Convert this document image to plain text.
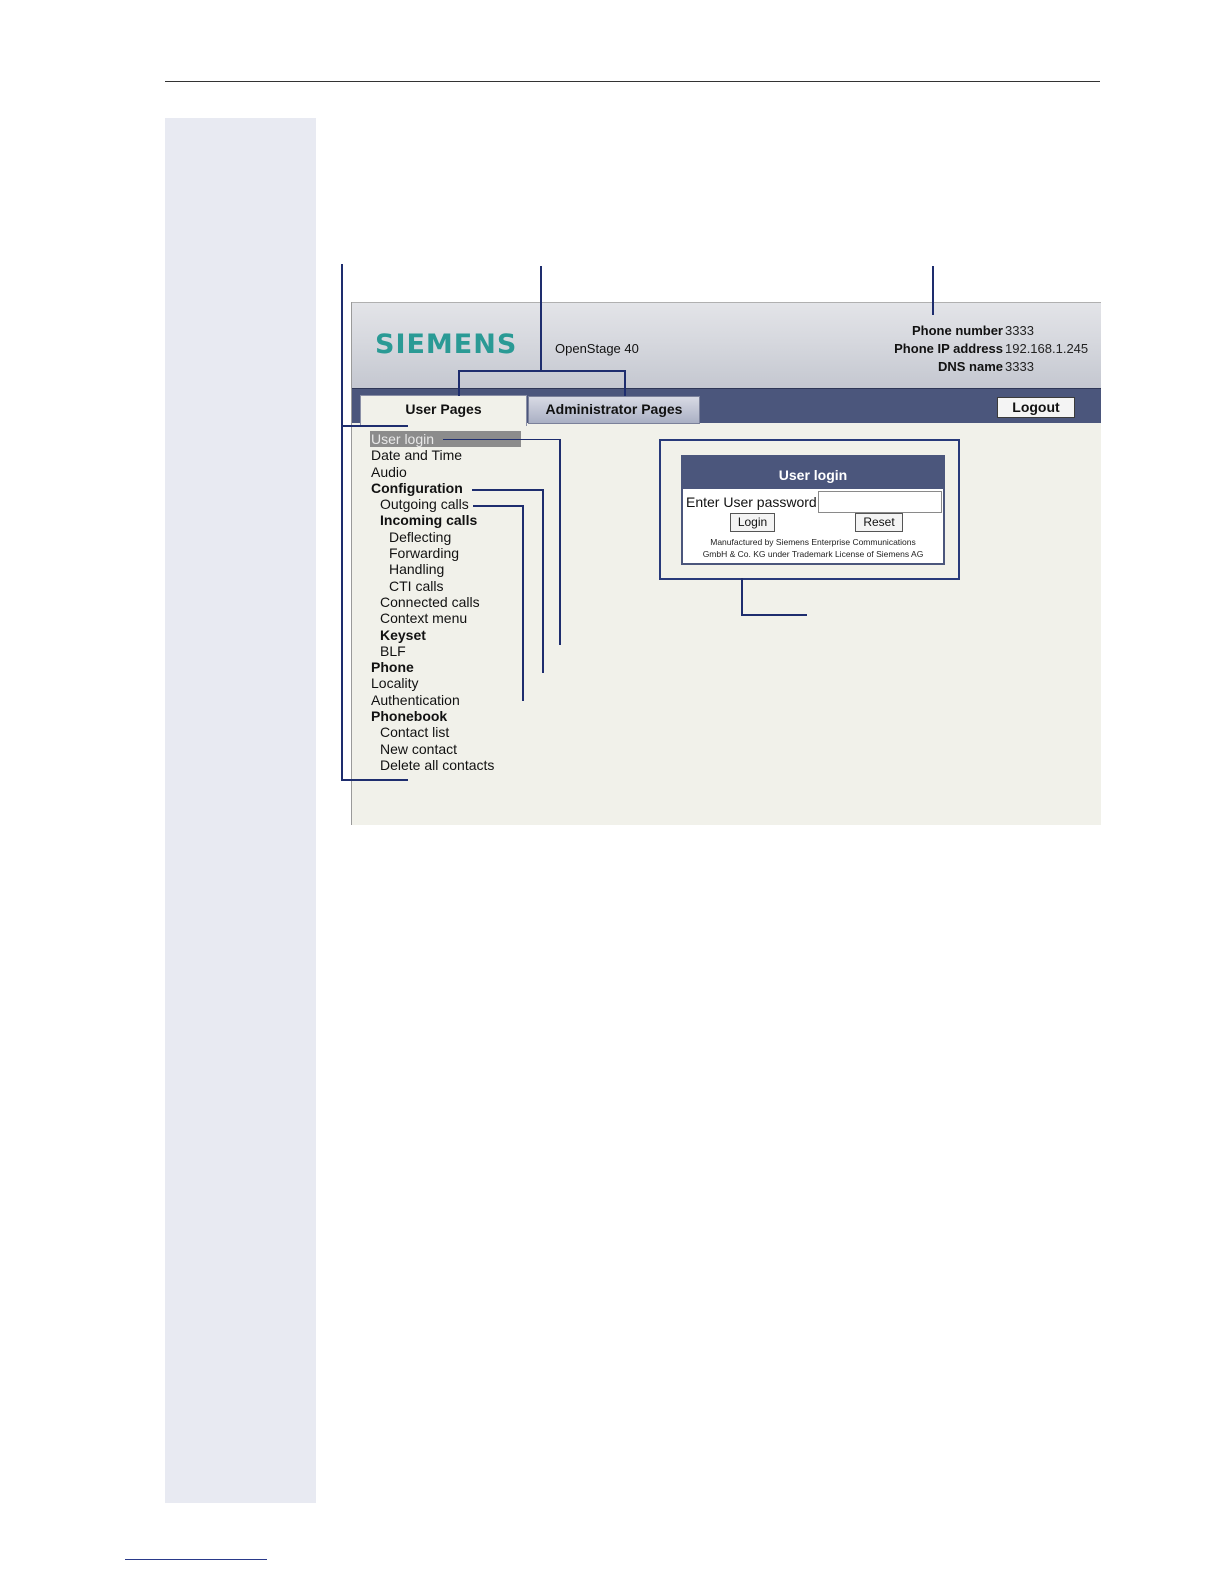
SIEMENS	OpenStage 40
Phone number 3333
Phone IP address 192.168.1.245
DNS name 3333
User Pages	Administrator Pages	Logout
User login
Date and Time
Audio
Configuration
Outgoing calls
Incoming calls
Deflecting
Forwarding
Handling
CTI calls
Connected calls
Context menu
Keyset
BLF
Phone
Locality
Authentication
Phonebook
Contact list
New contact
Delete all contacts
User login
Enter User password
Login	Reset
Manufactured by Siemens Enterprise Communications
GmbH & Co. KG under Trademark License of Siemens AG
